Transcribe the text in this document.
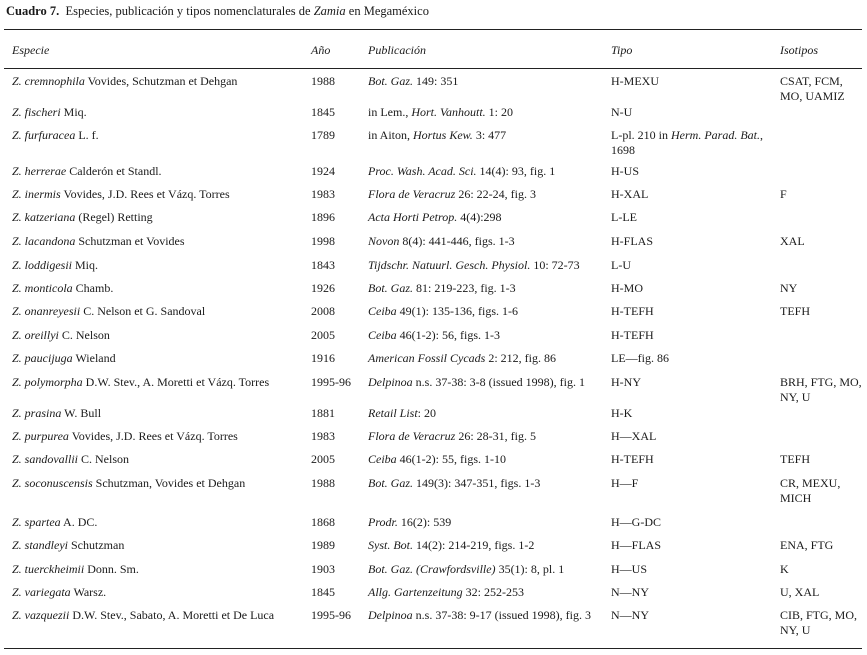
Cuadro 7. Especies, publicación y tipos nomenclaturales de Zamia en Megaméxico
Especie	Año	Publicación	Tipo	Isotipos
Z. cremnophila Vovides, Schutzman et Dehgan	1988	Bot. Gaz. 149: 351	H-MEXU	CSAT, FCM, MO, UAMIZ
Z. fischeri Miq.	1845	in Lem., Hort. Vanhoutt. 1: 20	N-U
Z. furfuracea L. f.	1789	in Aiton, Hortus Kew. 3: 477	L-pl. 210 in Herm. Parad. Bat., 1698
Z. herrerae Calderón et Standl.	1924	Proc. Wash. Acad. Sci. 14(4): 93, fig. 1	H-US
Z. inermis Vovides, J.D. Rees et Vázq. Torres	1983	Flora de Veracruz 26: 22-24, fig. 3	H-XAL	F
Z. katzeriana (Regel) Retting	1896	Acta Horti Petrop. 4(4):298	L-LE
Z. lacandona Schutzman et Vovides	1998	Novon 8(4): 441-446, figs. 1-3	H-FLAS	XAL
Z. loddigesii Miq.	1843	Tijdschr. Natuurl. Gesch. Physiol. 10: 72-73	L-U
Z. monticola Chamb.	1926	Bot. Gaz. 81: 219-223, fig. 1-3	H-MO	NY
Z. onanreyesii C. Nelson et G. Sandoval	2008	Ceiba 49(1): 135-136, figs. 1-6	H-TEFH	TEFH
Z. oreillyi C. Nelson	2005	Ceiba 46(1-2): 56, figs. 1-3	H-TEFH
Z. paucijuga Wieland	1916	American Fossil Cycads 2: 212, fig. 86	LE—fig. 86
Z. polymorpha D.W. Stev., A. Moretti et Vázq. Torres	1995-96	Delpinoa n.s. 37-38: 3-8 (issued 1998), fig. 1	H-NY	BRH, FTG, MO, NY, U
Z. prasina W. Bull	1881	Retail List: 20	H-K
Z. purpurea Vovides, J.D. Rees et Vázq. Torres	1983	Flora de Veracruz 26: 28-31, fig. 5	H—XAL
Z. sandovallii C. Nelson	2005	Ceiba 46(1-2): 55, figs. 1-10	H-TEFH	TEFH
Z. soconuscensis Schutzman, Vovides et Dehgan	1988	Bot. Gaz. 149(3): 347-351, figs. 1-3	H—F	CR, MEXU, MICH
Z. spartea A. DC.	1868	Prodr. 16(2): 539	H—G-DC
Z. standleyi Schutzman	1989	Syst. Bot. 14(2): 214-219, figs. 1-2	H—FLAS	ENA, FTG
Z. tuerckheimii Donn. Sm.	1903	Bot. Gaz. (Crawfordsville) 35(1): 8, pl. 1	H—US	K
Z. variegata Warsz.	1845	Allg. Gartenzeitung 32: 252-253	N—NY	U, XAL
Z. vazquezii D.W. Stev., Sabato, A. Moretti et De Luca	1995-96	Delpinoa n.s. 37-38: 9-17 (issued 1998), fig. 3	N—NY	CIB, FTG, MO, NY, U
